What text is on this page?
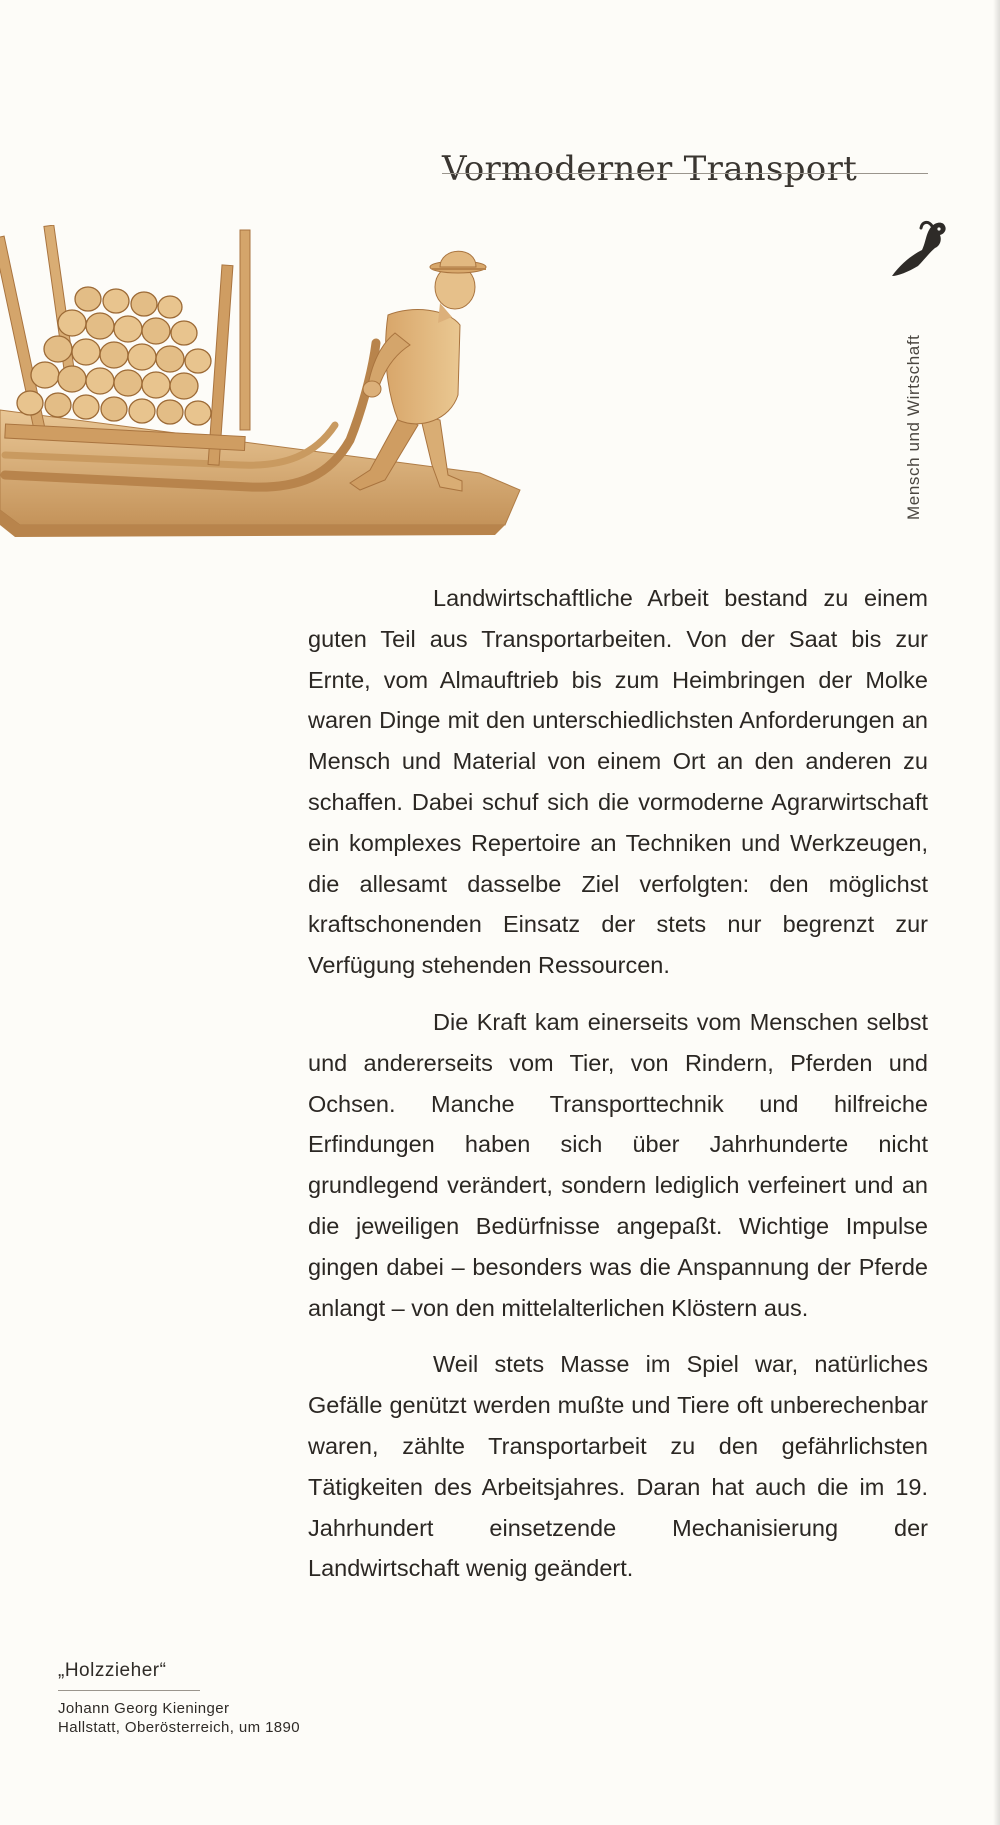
Vormoderner Transport
Mensch und Wirtschaft

Landwirtschaftliche Arbeit bestand zu einem guten Teil aus Transportarbeiten. Von der Saat bis zur Ernte, vom Almauftrieb bis zum Heimbringen der Molke waren Dinge mit den unterschiedlichsten Anforderungen an Mensch und Material von einem Ort an den anderen zu schaffen. Dabei schuf sich die vormoderne Agrarwirtschaft ein komplexes Repertoire an Techniken und Werkzeugen, die allesamt dasselbe Ziel verfolgten: den möglichst kraftschonenden Einsatz der stets nur begrenzt zur Verfügung stehenden Ressourcen.

Die Kraft kam einerseits vom Menschen selbst und andererseits vom Tier, von Rindern, Pferden und Ochsen. Manche Transporttechnik und hilfreiche Erfindungen haben sich über Jahrhunderte nicht grundlegend verändert, sondern lediglich verfeinert und an die jeweiligen Bedürfnisse angepaßt. Wichtige Impulse gingen dabei – besonders was die Anspannung der Pferde anlangt – von den mittelalterlichen Klöstern aus.

Weil stets Masse im Spiel war, natürliches Gefälle genützt werden mußte und Tiere oft unberechenbar waren, zählte Transportarbeit zu den gefährlichsten Tätigkeiten des Arbeitsjahres. Daran hat auch die im 19. Jahrhundert einsetzende Mechanisierung der Landwirtschaft wenig geändert.

„Holzzieher“
Johann Georg Kieninger
Hallstatt, Oberösterreich, um 1890
